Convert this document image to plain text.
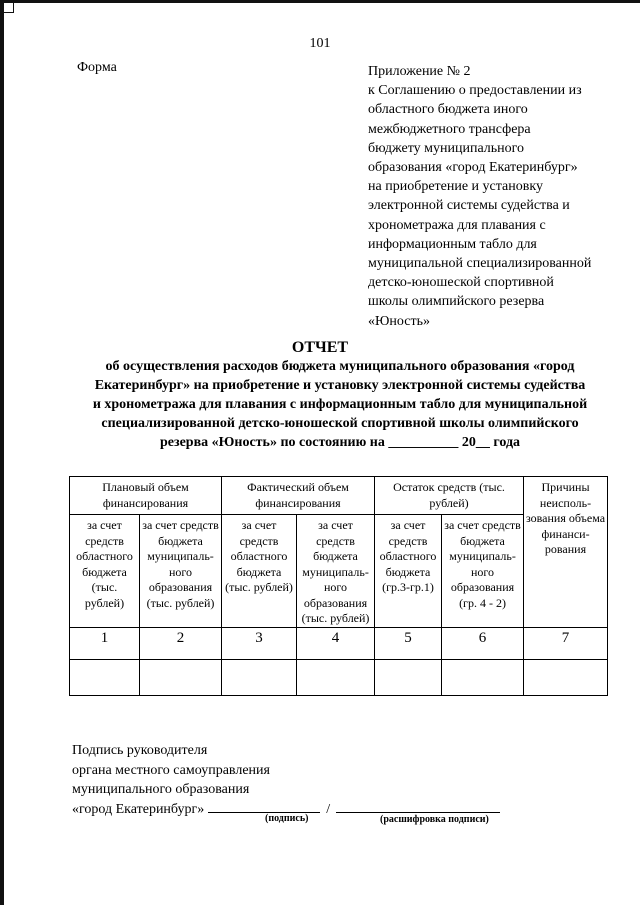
101
Форма	Приложение № 2
к Соглашению о предоставлении из
областного бюджета иного
межбюджетного трансфера
бюджету муниципального
образования «город Екатеринбург»
на приобретение и установку
электронной системы судейства и
хронометража для плавания с
информационным табло для
муниципальной специализированной
детско-юношеской спортивной
школы олимпийского резерва
«Юность»
ОТЧЕТ
об осуществления расходов бюджета муниципального образования «город
Екатеринбург» на приобретение и установку электронной системы судейства
и хронометража для плавания с информационным табло для муниципальной
специализированной детско-юношеской спортивной школы олимпийского
резерва «Юность» по состоянию на __________ 20__ года
Плановый объем финансирования		Фактический объем финансирования		Остаток средств (тыс. рублей)		Причины неисполь-зования объема финанси-рования
за счет средств областного бюджета (тыс. рублей)	за счет средств бюджета муниципаль-ного образования (тыс. рублей)	за счет средств областного бюджета (тыс. рублей)	за счет средств бюджета муниципаль-ного образования (тыс. рублей)	за счет средств областного бюджета (гр.3-гр.1)	за счет средств бюджета муниципаль-ного образования (гр. 4 - 2)	
1	2	3	4	5	6	7

Подпись руководителя
органа местного самоуправления
муниципального образования
«город Екатеринбург»	/
(подпись)	(расшифровка подписи)
